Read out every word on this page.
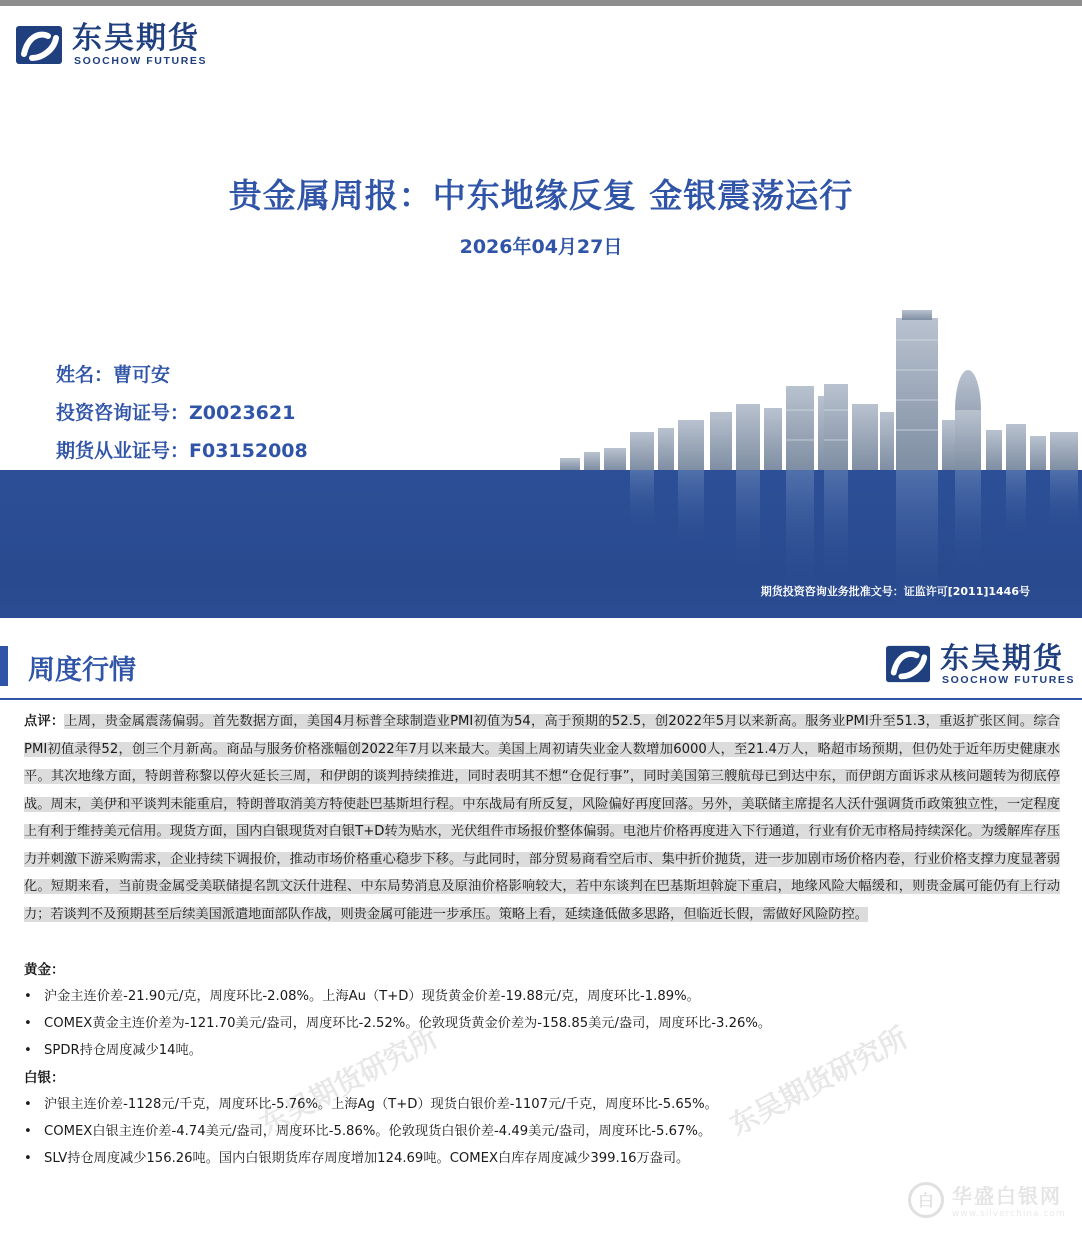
东吴期货
SOOCHOW FUTURES
贵金属周报：中东地缘反复 金银震荡运行
2026年04月27日
姓名：曹可安
投资咨询证号：Z0023621
期货从业证号：F03152008
期货投资咨询业务批准文号：证监许可[2011]1446号
周度行情	东吴期货
SOOCHOW FUTURES
点评：上周，贵金属震荡偏弱。首先数据方面，美国4月标普全球制造业PMI初值为54，高于预期的52.5，创2022年5月以来新高。服务业PMI升至51.3，重返扩张区间。综合PMI初值录得52，创三个月新高。商品与服务价格涨幅创2022年7月以来最大。美国上周初请失业金人数增加6000人，至21.4万人，略超市场预期，但仍处于近年历史健康水平。其次地缘方面，特朗普称黎以停火延长三周，和伊朗的谈判持续推进，同时表明其不想“仓促行事”，同时美国第三艘航母已到达中东，而伊朗方面诉求从核问题转为彻底停战。周末，美伊和平谈判未能重启，特朗普取消美方特使赴巴基斯坦行程。中东战局有所反复，风险偏好再度回落。另外，美联储主席提名人沃什强调货币政策独立性，一定程度上有利于维持美元信用。现货方面，国内白银现货对白银T+D转为贴水，光伏组件市场报价整体偏弱。电池片价格再度进入下行通道，行业有价无市格局持续深化。为缓解库存压力并刺激下游采购需求，企业持续下调报价，推动市场价格重心稳步下移。与此同时，部分贸易商看空后市、集中折价抛货，进一步加剧市场价格内卷，行业价格支撑力度显著弱化。短期来看，当前贵金属受美联储提名凯文沃什进程、中东局势消息及原油价格影响较大，若中东谈判在巴基斯坦斡旋下重启，地缘风险大幅缓和，则贵金属可能仍有上行动力；若谈判不及预期甚至后续美国派遣地面部队作战，则贵金属可能进一步承压。策略上看，延续逢低做多思路，但临近长假，需做好风险防控。
黄金：
• 沪金主连价差-21.90元/克，周度环比-2.08%。上海Au（T+D）现货黄金价差-19.88元/克，周度环比-1.89%。
• COMEX黄金主连价差为-121.70美元/盎司，周度环比-2.52%。伦敦现货黄金价差为-158.85美元/盎司，周度环比-3.26%。
• SPDR持仓周度减少14吨。
白银：
• 沪银主连价差-1128元/千克，周度环比-5.76%。上海Ag（T+D）现货白银价差-1107元/千克，周度环比-5.65%。
• COMEX白银主连价差-4.74美元/盎司，周度环比-5.86%。伦敦现货白银价差-4.49美元/盎司，周度环比-5.67%。
• SLV持仓周度减少156.26吨。国内白银期货库存周度增加124.69吨。COMEX白库存周度减少399.16万盎司。
东吴期货研究所	东吴期货研究所
白 华盛白银网
www.silverchina.com
